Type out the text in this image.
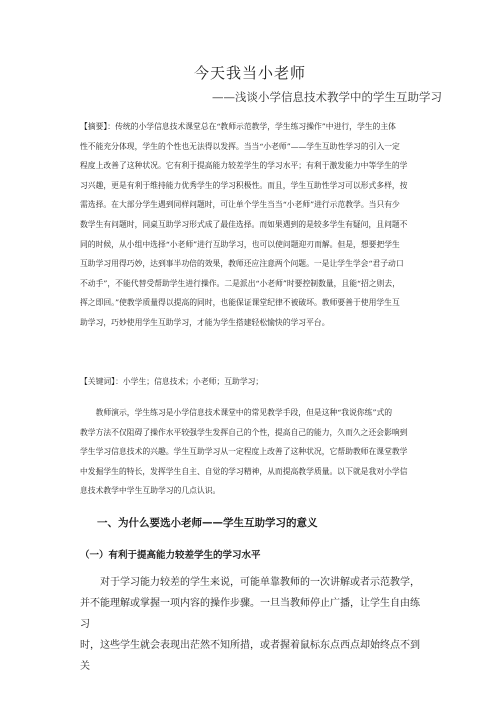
今天我当小老师
——浅谈小学信息技术教学中的学生互助学习

【摘要】：传统的小学信息技术课堂总在“教师示范教学，学生练习操作”中进行，学生的主体

性不能充分体现，学生的个性也无法得以发挥。当当“小老师”——学生互助性学习的引入一定

程度上改善了这种状况。它有利于提高能力较差学生的学习水平；有利于激发能力中等学生的学

习兴趣，更是有利于维持能力优秀学生的学习积极性。而且，学生互助性学习可以形式多样，按

需选择。在大部分学生遇到同样问题时，可让单个学生当当“小老师”进行示范教学。当只有少

数学生有问题时，同桌互助学习形式成了最佳选择。而如果遇到的是较多学生有疑问，且问题不

同的时候，从小组中选择“小老师”进行互助学习，也可以使问题迎刃而解。但是，想要把学生

互助学习用得巧妙，达到事半功倍的效果，教师还应注意两个问题。一是让学生学会“君子动口

不动手”，不能代替受帮助学生进行操作。二是派出“小老师”时要控制数量，且能“招之则去，

挥之即回。”使教学质量得以提高的同时，也能保证课堂纪律不被破坏。教师要善于使用学生互

助学习，巧妙使用学生互助学习，才能为学生搭建轻松愉快的学习平台。

【关键词】：小学生；信息技术；小老师；互助学习；

教师演示，学生练习是小学信息技术课堂中的常见教学手段，但是这种“我说你练”式的

教学方法不仅阻碍了操作水平较强学生发挥自己的个性，提高自己的能力，久而久之还会影响到

学生学习信息技术的兴趣。学生互助学习从一定程度上改善了这种状况，它帮助教师在课堂教学

中发掘学生的特长，发挥学生自主、自觉的学习精神，从而提高教学质量。以下就是我对小学信

息技术教学中学生互助学习的几点认识。

一、为什么要选小老师——学生互助学习的意义
（一）有利于提高能力较差学生的学习水平

对于学习能力较差的学生来说，可能单靠教师的一次讲解或者示范教学，

并不能理解或掌握一项内容的操作步骤。一旦当教师停止广播，让学生自由练习

时，这些学生就会表现出茫然不知所措，或者握着鼠标东点西点却始终点不到关
